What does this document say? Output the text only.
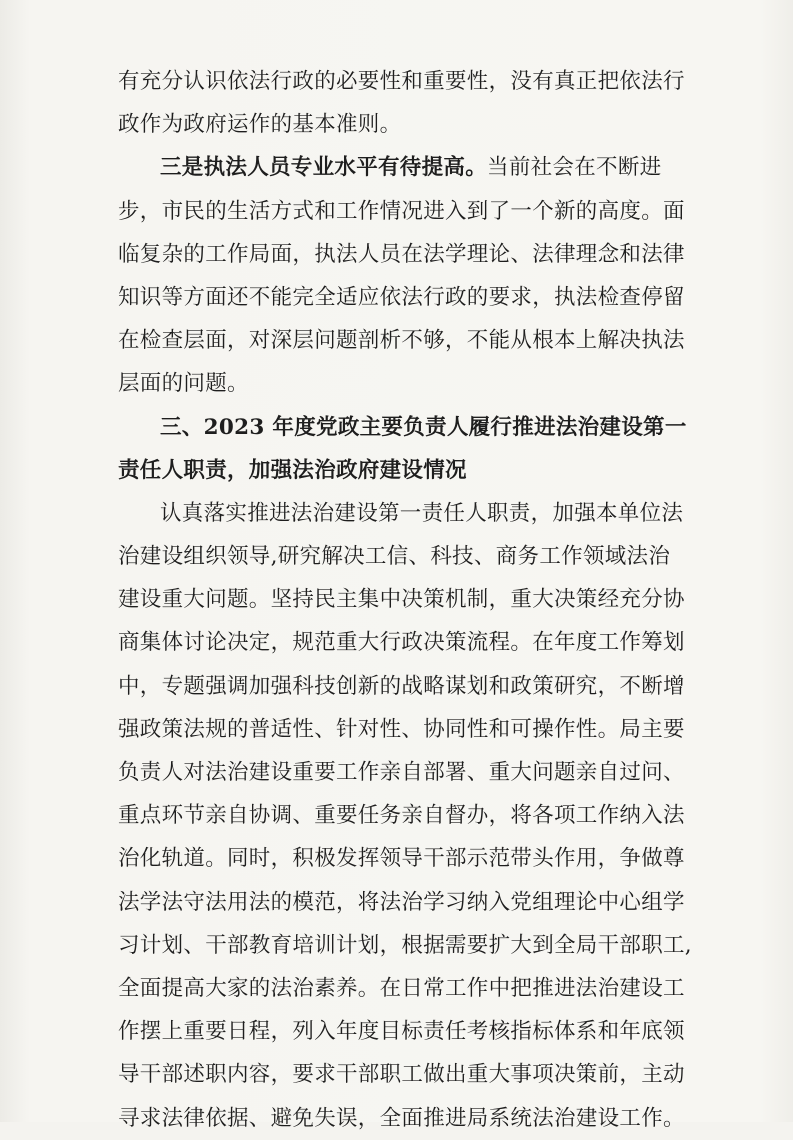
有充分认识依法行政的必要性和重要性，没有真正把依法行
政作为政府运作的基本准则。
三是执法人员专业水平有待提高。当前社会在不断进
步，市民的生活方式和工作情况进入到了一个新的高度。面
临复杂的工作局面，执法人员在法学理论、法律理念和法律
知识等方面还不能完全适应依法行政的要求，执法检查停留
在检查层面，对深层问题剖析不够，不能从根本上解决执法
层面的问题。
三、2023 年度党政主要负责人履行推进法治建设第一
责任人职责，加强法治政府建设情况
认真落实推进法治建设第一责任人职责，加强本单位法
治建设组织领导,研究解决工信、科技、商务工作领域法治
建设重大问题。坚持民主集中决策机制，重大决策经充分协
商集体讨论决定，规范重大行政决策流程。在年度工作筹划
中，专题强调加强科技创新的战略谋划和政策研究，不断增
强政策法规的普适性、针对性、协同性和可操作性。局主要
负责人对法治建设重要工作亲自部署、重大问题亲自过问、
重点环节亲自协调、重要任务亲自督办，将各项工作纳入法
治化轨道。同时，积极发挥领导干部示范带头作用，争做尊
法学法守法用法的模范，将法治学习纳入党组理论中心组学
习计划、干部教育培训计划，根据需要扩大到全局干部职工,
全面提高大家的法治素养。在日常工作中把推进法治建设工
作摆上重要日程，列入年度目标责任考核指标体系和年底领
导干部述职内容，要求干部职工做出重大事项决策前，主动
寻求法律依据、避免失误，全面推进局系统法治建设工作。
